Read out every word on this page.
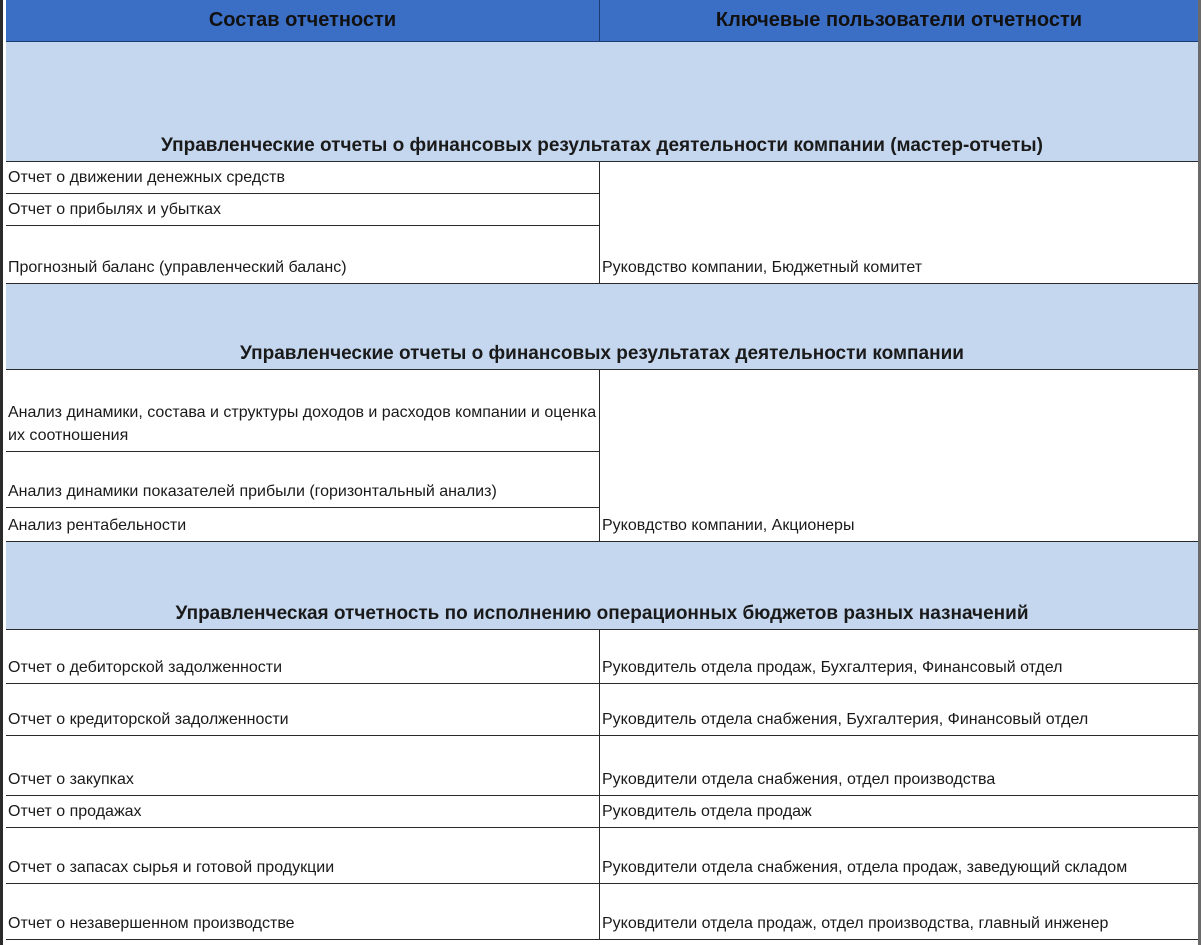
Состав отчетности	Ключевые пользователи отчетности
Управленческие отчеты о финансовых результатах деятельности компании (мастер-отчеты)
Отчет о движении денежных средств
Отчет о прибылях и убытках
Прогнозный баланс (управленческий баланс)	Руковдство компании, Бюджетный комитет
Управленческие отчеты о финансовых результатах деятельности компании
Анализ динамики, состава и структуры доходов и расходов компании и оценка их соотношения
Анализ динамики показателей прибыли (горизонтальный анализ)
Анализ рентабельности	Руковдство компании, Акционеры
Управленческая отчетность по исполнению операционных бюджетов разных назначений
Отчет о дебиторской задолженности	Руковдитель отдела продаж, Бухгалтерия, Финансовый отдел
Отчет о кредиторской задолженности	Руковдитель отдела снабжения, Бухгалтерия, Финансовый отдел
Отчет о закупках	Руковдители отдела снабжения, отдел производства
Отчет о продажах	Руковдитель отдела продаж
Отчет о запасах сырья и готовой продукции	Руковдители отдела снабжения, отдела продаж, заведующий складом
Отчет о незавершенном производстве	Руковдители отдела продаж, отдел производства, главный инженер
